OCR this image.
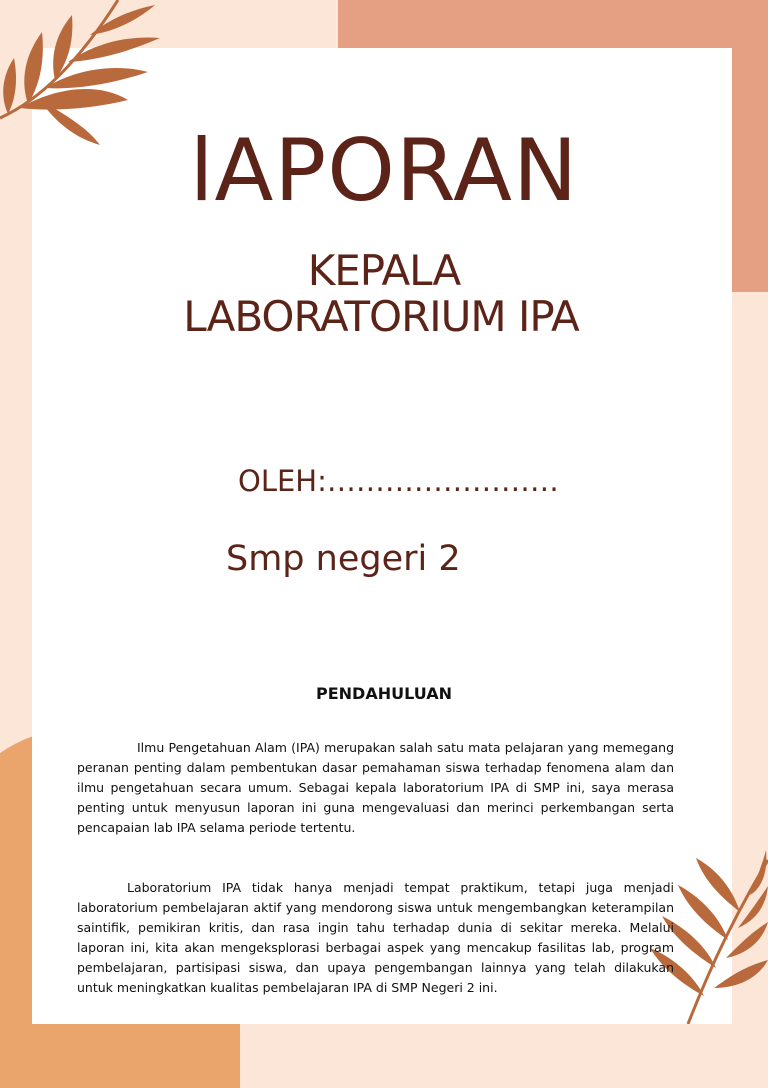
lAPORAN

KEPALA

LABORATORIUM IPA

OLEH:……………………

Smp negeri 2

PENDAHULUAN

Ilmu Pengetahuan Alam (IPA) merupakan salah satu mata pelajaran yang memegang peranan penting dalam pembentukan dasar pemahaman siswa terhadap fenomena alam dan ilmu pengetahuan secara umum. Sebagai kepala laboratorium IPA di SMP ini, saya merasa penting untuk menyusun laporan ini guna mengevaluasi dan merinci perkembangan serta pencapaian lab IPA selama periode tertentu.

Laboratorium IPA tidak hanya menjadi tempat praktikum, tetapi juga menjadi laboratorium pembelajaran aktif yang mendorong siswa untuk mengembangkan keterampilan saintifik, pemikiran kritis, dan rasa ingin tahu terhadap dunia di sekitar mereka. Melalui laporan ini, kita akan mengeksplorasi berbagai aspek yang mencakup fasilitas lab, program pembelajaran, partisipasi siswa, dan upaya pengembangan lainnya yang telah dilakukan untuk meningkatkan kualitas pembelajaran IPA di SMP Negeri 2 ini.
